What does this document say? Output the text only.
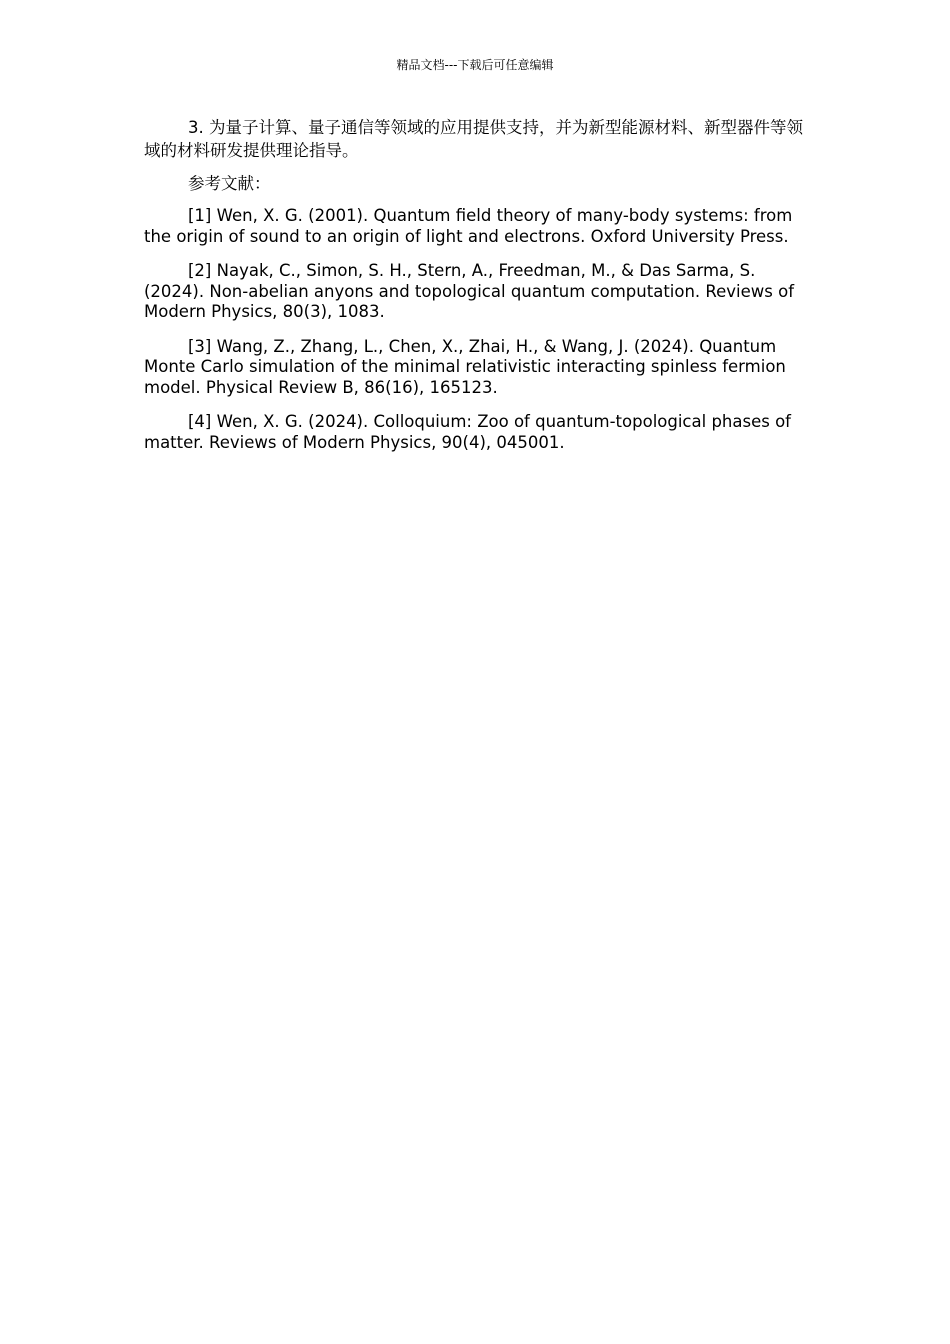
精品文档---下载后可任意编辑

3. 为量子计算、量子通信等领域的应用提供支持，并为新型能源材料、新型器件等领域的材料研发提供理论指导。

参考文献：

[1] Wen, X. G. (2001). Quantum field theory of many-body systems: from the origin of sound to an origin of light and electrons. Oxford University Press.

[2] Nayak, C., Simon, S. H., Stern, A., Freedman, M., & Das Sarma, S. (2024). Non-abelian anyons and topological quantum computation. Reviews of Modern Physics, 80(3), 1083.

[3] Wang, Z., Zhang, L., Chen, X., Zhai, H., & Wang, J. (2024). Quantum Monte Carlo simulation of the minimal relativistic interacting spinless fermion model. Physical Review B, 86(16), 165123.

[4] Wen, X. G. (2024). Colloquium: Zoo of quantum-topological phases of matter. Reviews of Modern Physics, 90(4), 045001.
